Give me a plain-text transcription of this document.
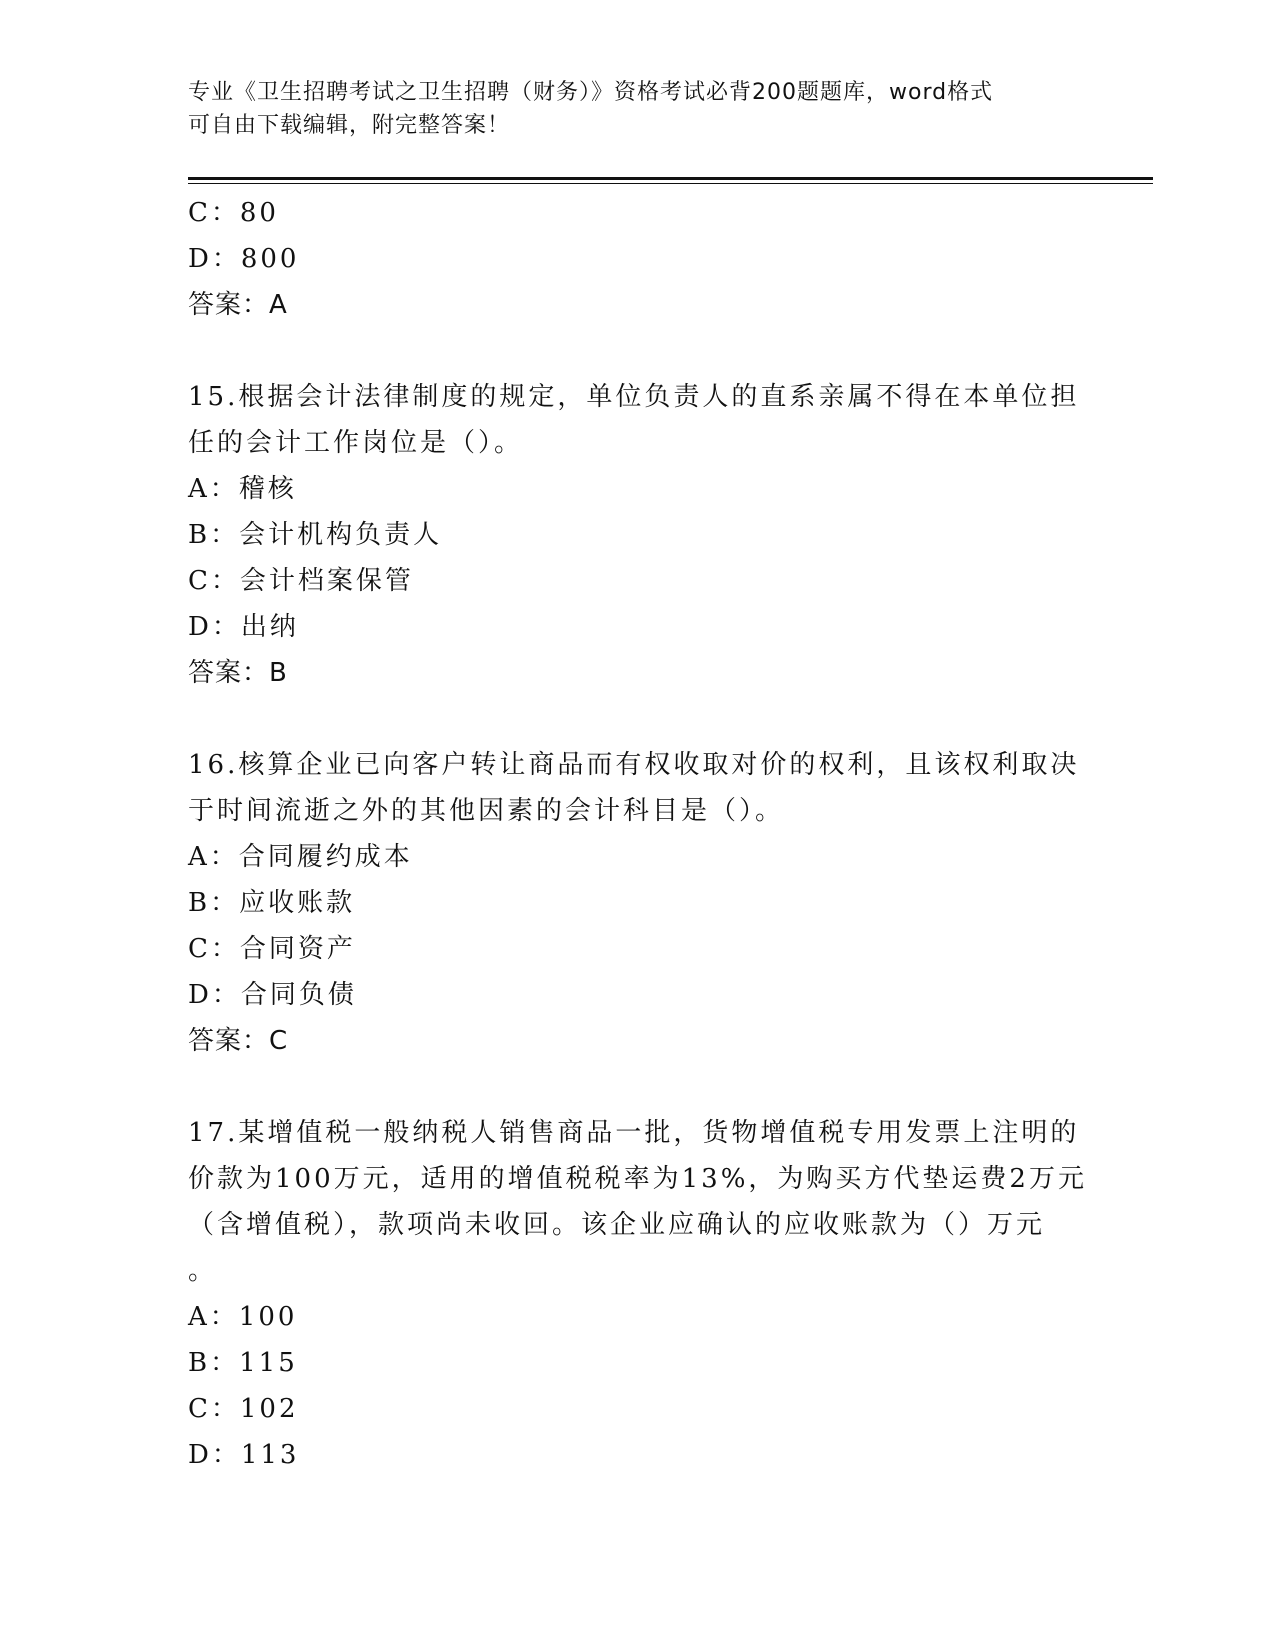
专业《卫生招聘考试之卫生招聘（财务）》资格考试必背200题题库，word格式
可自由下载编辑，附完整答案！
C：80
D：800
答案：A
15.根据会计法律制度的规定，单位负责人的直系亲属不得在本单位担
任的会计工作岗位是（）。
A：稽核
B：会计机构负责人
C：会计档案保管
D：出纳
答案：B
16.核算企业已向客户转让商品而有权收取对价的权利，且该权利取决
于时间流逝之外的其他因素的会计科目是（）。
A：合同履约成本
B：应收账款
C：合同资产
D：合同负债
答案：C
17.某增值税一般纳税人销售商品一批，货物增值税专用发票上注明的
价款为100万元，适用的增值税税率为13%，为购买方代垫运费2万元
（含增值税），款项尚未收回。该企业应确认的应收账款为（）万元
。
A：100
B：115
C：102
D：113
